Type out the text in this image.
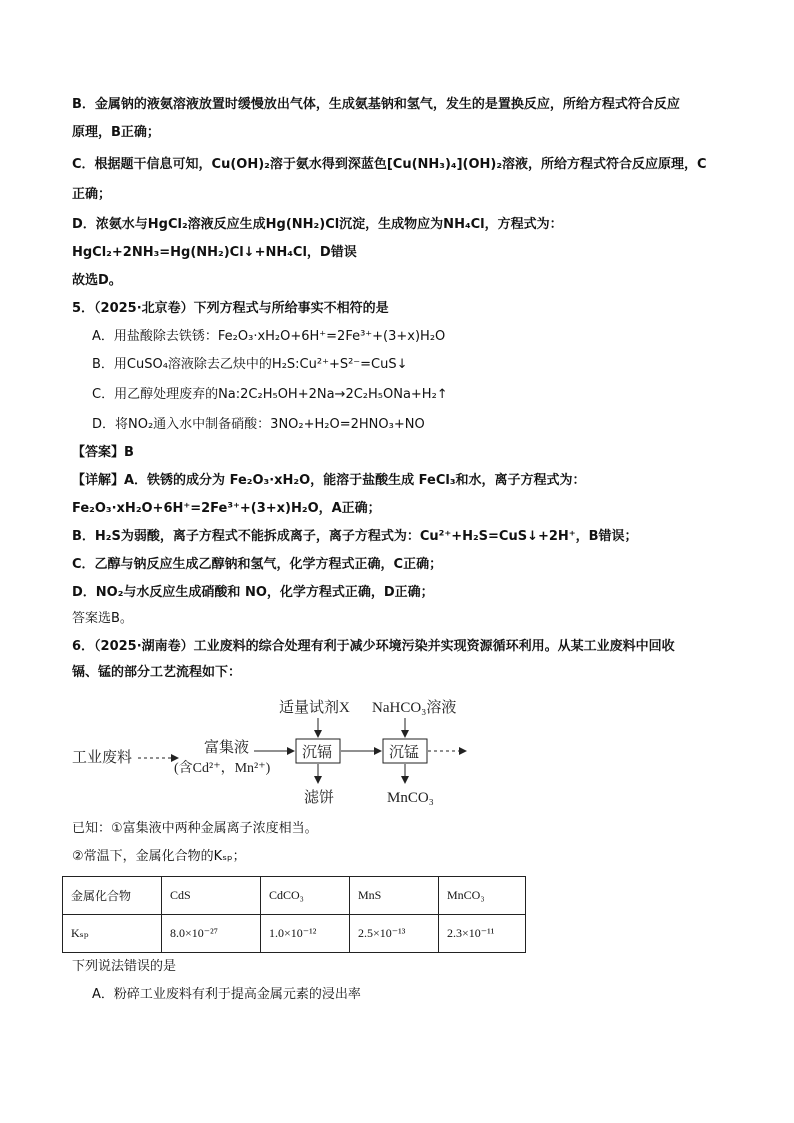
B．金属钠的液氨溶液放置时缓慢放出气体，生成氨基钠和氢气，发生的是置换反应，所给方程式符合反应
原理，B正确；
C．根据题干信息可知，Cu(OH)₂溶于氨水得到深蓝色[Cu(NH₃)₄](OH)₂溶液，所给方程式符合反应原理，C
正确；
D．浓氨水与HgCl₂溶液反应生成Hg(NH₂)Cl沉淀，生成物应为NH₄Cl，方程式为：
HgCl₂+2NH₃=Hg(NH₂)Cl↓+NH₄Cl，D错误
故选D。
5．（2025·北京卷）下列方程式与所给事实不相符的是
A．用盐酸除去铁锈：Fe₂O₃·xH₂O+6H⁺=2Fe³⁺+(3+x)H₂O
B．用CuSO₄溶液除去乙炔中的H₂S:Cu²⁺+S²⁻=CuS↓
C．用乙醇处理废弃的Na:2C₂H₅OH+2Na→2C₂H₅ONa+H₂↑
D．将NO₂通入水中制备硝酸：3NO₂+H₂O=2HNO₃+NO
【答案】B
【详解】A．铁锈的成分为 Fe₂O₃·xH₂O，能溶于盐酸生成 FeCl₃和水，离子方程式为：
Fe₂O₃·xH₂O+6H⁺=2Fe³⁺+(3+x)H₂O，A正确；
B．H₂S为弱酸，离子方程式不能拆成离子，离子方程式为：Cu²⁺+H₂S=CuS↓+2H⁺，B错误；
C．乙醇与钠反应生成乙醇钠和氢气，化学方程式正确，C正确；
D．NO₂与水反应生成硝酸和 NO，化学方程式正确，D正确；
答案选B。
6．（2025·湖南卷）工业废料的综合处理有利于减少环境污染并实现资源循环利用。从某工业废料中回收
镉、锰的部分工艺流程如下：
工业废料
富集液
(含Cd²⁺，Mn²⁺)
沉镉
适量试剂X
滤饼
沉锰
NaHCO₃溶液
MnCO₃
已知：①富集液中两种金属离子浓度相当。
②常温下，金属化合物的Kₛₚ；
金属化合物	CdS	CdCO₃	MnS	MnCO₃
Kₛₚ	8.0×10⁻²⁷	1.0×10⁻¹²	2.5×10⁻¹³	2.3×10⁻¹¹
下列说法错误的是
A．粉碎工业废料有利于提高金属元素的浸出率
